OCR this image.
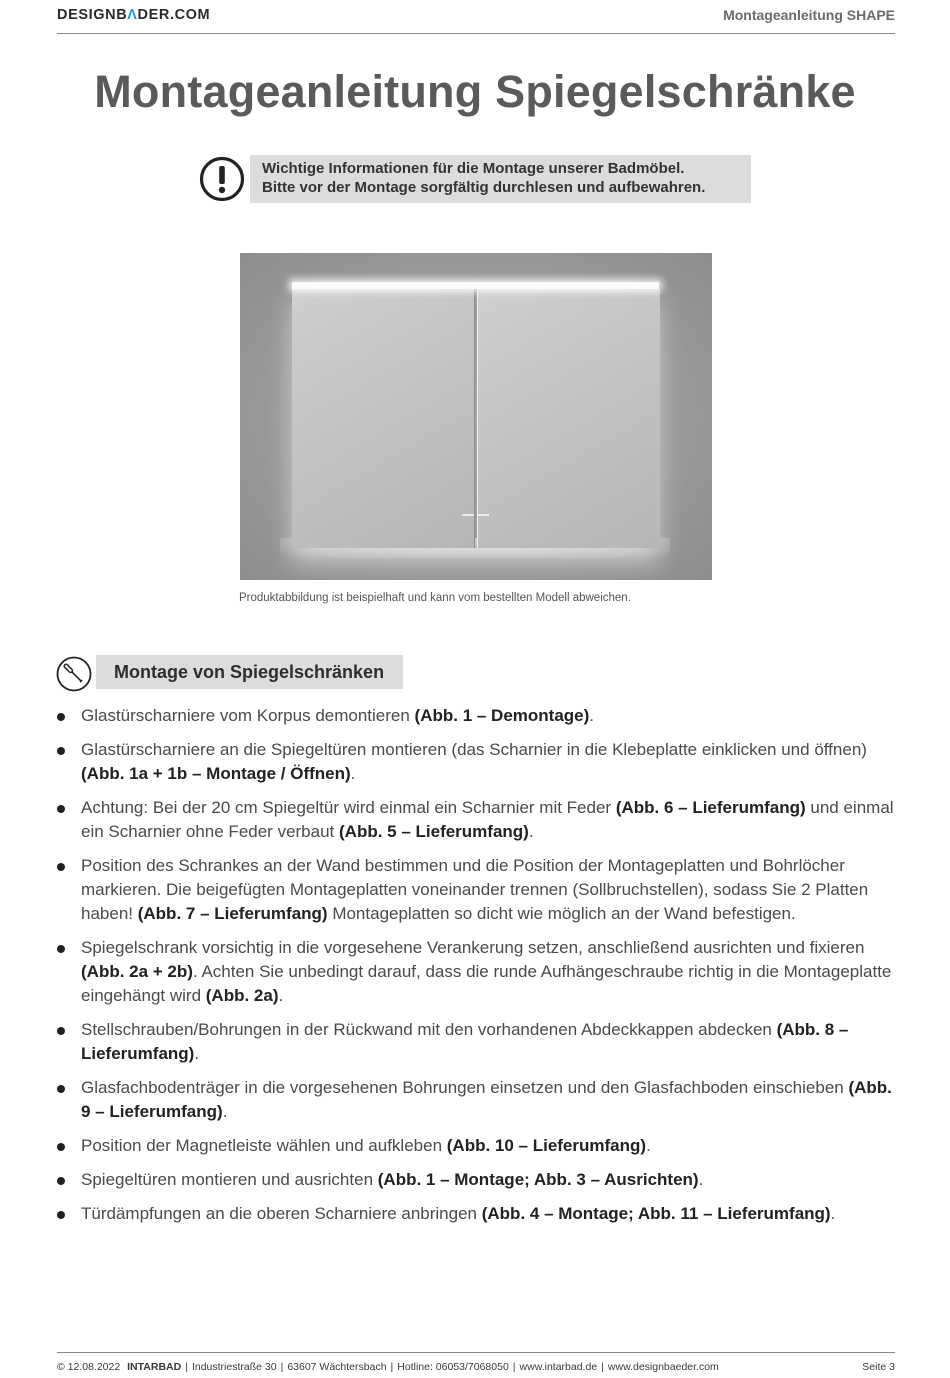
DESIGNBΛDER.COM	Montageanleitung SHAPE
Montageanleitung Spiegelschränke
Wichtige Informationen für die Montage unserer Badmöbel.
Bitte vor der Montage sorgfältig durchlesen und aufbewahren.
Produktabbildung ist beispielhaft und kann vom bestellten Modell abweichen.
Montage von Spiegelschränken
Glastürscharniere vom Korpus demontieren (Abb. 1 – Demontage).
Glastürscharniere an die Spiegeltüren montieren (das Scharnier in die Klebeplatte einklicken und öffnen) (Abb. 1a + 1b – Montage / Öffnen).
Achtung: Bei der 20 cm Spiegeltür wird einmal ein Scharnier mit Feder (Abb. 6 – Lieferumfang) und einmal ein Scharnier ohne Feder verbaut (Abb. 5 – Lieferumfang).
Position des Schrankes an der Wand bestimmen und die Position der Montageplatten und Bohrlöcher markieren. Die beigefügten Montageplatten voneinander trennen (Sollbruchstellen), sodass Sie 2 Platten haben! (Abb. 7 – Lieferumfang) Montageplatten so dicht wie möglich an der Wand befestigen.
Spiegelschrank vorsichtig in die vorgesehene Verankerung setzen, anschließend ausrichten und fixieren (Abb. 2a + 2b). Achten Sie unbedingt darauf, dass die runde Aufhängeschraube richtig in die Montageplatte eingehängt wird (Abb. 2a).
Stellschrauben/Bohrungen in der Rückwand mit den vorhandenen Abdeckkappen abdecken (Abb. 8 – Lieferumfang).
Glasfachbodenträger in die vorgesehenen Bohrungen einsetzen und den Glasfachboden einschieben (Abb. 9 – Lieferumfang).
Position der Magnetleiste wählen und aufkleben (Abb. 10 – Lieferumfang).
Spiegeltüren montieren und ausrichten (Abb. 1 – Montage; Abb. 3 – Ausrichten).
Türdämpfungen an die oberen Scharniere anbringen (Abb. 4 – Montage; Abb. 11 – Lieferumfang).
© 12.08.2022 INTARBAD | Industriestraße 30 | 63607 Wächtersbach | Hotline: 06053/7068050 | www.intarbad.de | www.designbaeder.com	Seite 3
